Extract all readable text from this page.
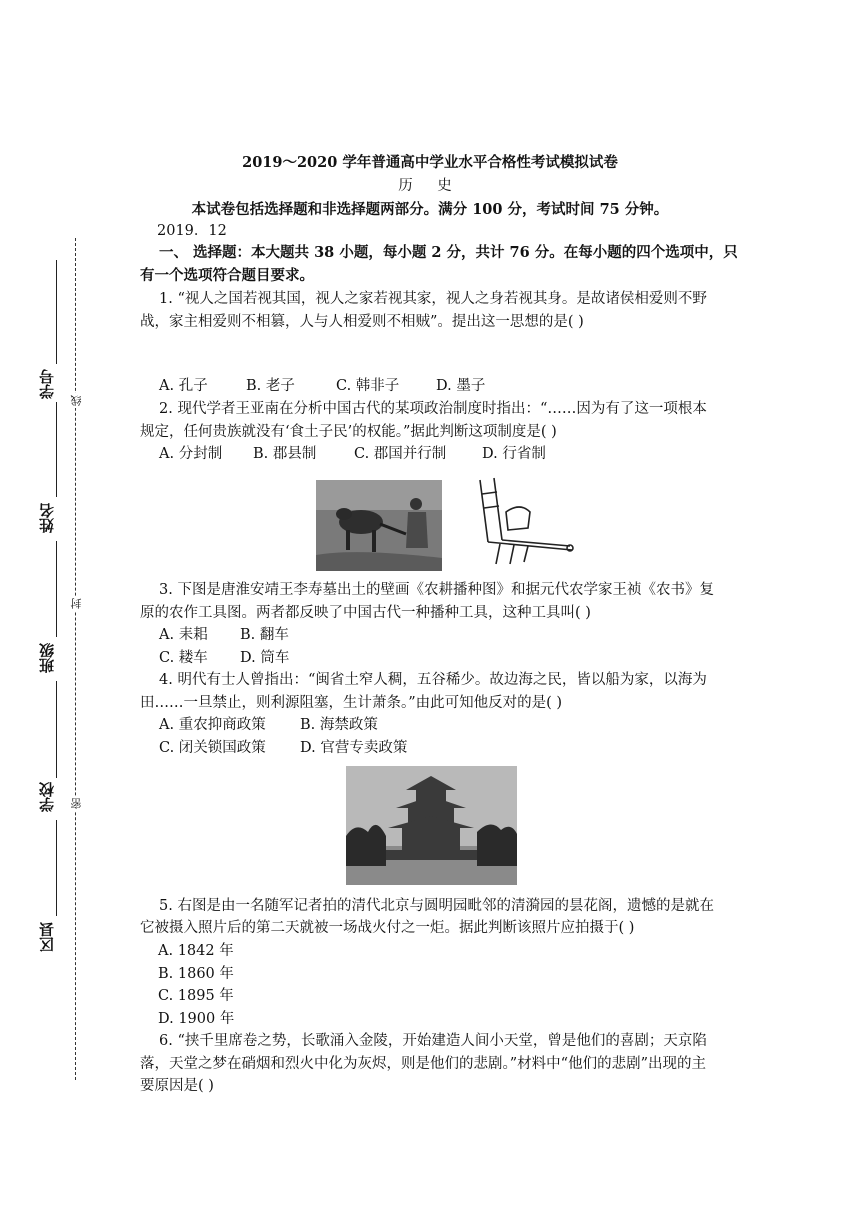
2019～2020 学年普通高中学业水平合格性考试模拟试卷
历 史
本试卷包括选择题和非选择题两部分。满分 100 分，考试时间 75 分钟。
2019．12
一、 选择题：本大题共 38 小题，每小题 2 分，共计 76 分。在每小题的四个选项中，只
有一个选项符合题目要求。
1. “视人之国若视其国，视人之家若视其家，视人之身若视其身。是故诸侯相爱则不野
战，家主相爱则不相篡，人与人相爱则不相贼”。提出这一思想的是( )
A. 孔子	B. 老子	C. 韩非子	D. 墨子
2. 现代学者王亚南在分析中国古代的某项政治制度时指出：“……因为有了这一项根本
规定，任何贵族就没有‘食土子民’的权能。”据此判断这项制度是( )
A. 分封制 B. 郡县制	C. 郡国并行制 D. 行省制
3. 下图是唐淮安靖王李寿墓出土的壁画《农耕播种图》和据元代农学家王祯《农书》复
原的农作工具图。两者都反映了中国古代一种播种工具，这种工具叫( )
A. 耒耜 B. 翻车
C. 耧车 D. 筒车
4. 明代有士人曾指出：“闽省土窄人稠，五谷稀少。故边海之民，皆以船为家，以海为
田……一旦禁止，则利源阻塞，生计萧条。”由此可知他反对的是( )
A. 重农抑商政策 B. 海禁政策
C. 闭关锁国政策 D. 官营专卖政策
5. 右图是由一名随军记者拍的清代北京与圆明园毗邻的清漪园的昙花阁，遗憾的是就在
它被摄入照片后的第二天就被一场战火付之一炬。据此判断该照片应拍摄于( )
A. 1842 年
B. 1860 年
C. 1895 年
D. 1900 年
6. “挟千里席卷之势，长歌涌入金陵，开始建造人间小天堂，曾是他们的喜剧；天京陷
落，天堂之梦在硝烟和烈火中化为灰烬，则是他们的悲剧。”材料中“他们的悲剧”出现的主
要原因是( )
学号
姓名
班级
学校
区县
线
封
密
